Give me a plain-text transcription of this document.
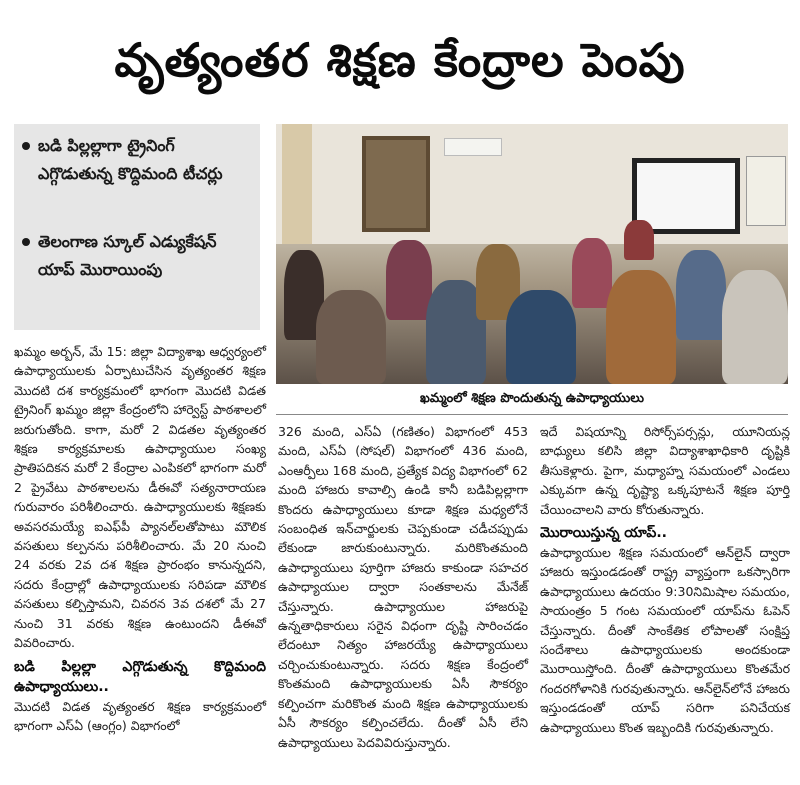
వృత్యంతర శిక్షణ కేంద్రాల పెంపు
బడి పిల్లల్లాగా ట్రైనింగ్ ఎగ్గొడుతున్న కొద్దిమంది టీచర్లు
తెలంగాణ స్కూల్ ఎడ్యుకేషన్ యాప్ మొరాయింపు
ఖమ్మంలో శిక్షణ పొందుతున్న ఉపాధ్యాయులు

ఖమ్మం అర్బన్, మే 15: జిల్లా విద్యాశాఖ ఆధ్వర్యంలో ఉపాధ్యాయులకు ఏర్పాటుచేసిన వృత్యంతర శిక్షణ మొదటి దశ కార్యక్రమంలో భాగంగా మొదటి విడత ట్రైనింగ్ ఖమ్మం జిల్లా కేంద్రంలోని హార్వెస్ట్ పాఠశాలలో జరుగుతోంది. కాగా, మరో 2 విడతల వృత్యంతర శిక్షణ కార్యక్రమాలకు ఉపాధ్యాయుల సంఖ్య ప్రాతిపదికన మరో 2 కేంద్రాల ఎంపికలో భాగంగా మరో 2 ప్రైవేటు పాఠశాలలను డీఈవో సత్యనారాయణ గురువారం పరిశీలించారు. ఉపాధ్యాయులకు శిక్షణకు అవసరమయ్యే ఐఎఫ్‌పీ ప్యానల్‌లతోపాటు మౌలిక వసతులు కల్పనను పరిశీలించారు. మే 20 నుంచి 24 వరకు 2వ దశ శిక్షణ ప్రారంభం కానున్నదని, సదరు కేంద్రాల్లో ఉపాధ్యాయులకు సరిపడా మౌలిక వసతులు కల్పిస్తామని, చివరన 3వ దశలో మే 27 నుంచి 31 వరకు శిక్షణ ఉంటుందని డీఈవో వివరించారు.

బడి పిల్లల్లా ఎగ్గొడుతున్న కొద్దిమంది ఉపాధ్యాయులు..

మొదటి విడత వృత్యంతర శిక్షణ కార్యక్రమంలో భాగంగా ఎస్ఏ (ఆంగ్లం) విభాగంలో

326 మంది, ఎస్ఏ (గణితం) విభాగంలో 453 మంది, ఎస్ఏ (సోషల్) విభాగంలో 436 మంది, ఎంఆర్పీలు 168 మంది, ప్రత్యేక విద్య విభాగంలో 62 మంది హాజరు కావాల్సి ఉండి కానీ బడిపిల్లల్లాగా కొందరు ఉపాధ్యాయులు కూడా శిక్షణ మధ్యలోనే సంబంధిత ఇన్‌చార్జులకు చెప్పకుండా చడీచప్పుడు లేకుండా జారుకుంటున్నారు. మరికొంతమంది ఉపాధ్యాయులు పూర్తిగా హాజరు కాకుండా సహచర ఉపాధ్యాయుల ద్వారా సంతకాలను మేనేజ్ చేస్తున్నారు. ఉపాధ్యాయుల హాజరుపై ఉన్నతాధికారులు సరైన విధంగా దృష్టి సారించడం లేదంటూ నిత్యం హాజరయ్యే ఉపాధ్యాయులు చర్చించుకుంటున్నారు. సదరు శిక్షణ కేంద్రంలో కొంతమంది ఉపాధ్యాయులకు ఏసీ సౌకర్యం కల్పించగా మరికొంత మంది శిక్షణ ఉపాధ్యాయులకు ఏసీ సౌకర్యం కల్పించలేదు. దీంతో ఏసీ లేని ఉపాధ్యాయులు పెదవివిరుస్తున్నారు.

ఇదే విషయాన్ని రిసోర్స్‌పర్సన్లు, యూనియన్ల బాధ్యులు కలిసి జిల్లా విద్యాశాఖాధికారి దృష్టికి తీసుకెళ్లారు. పైగా, మధ్యాహ్న సమయంలో ఎండలు ఎక్కువగా ఉన్న దృష్ట్యా ఒక్కపూటనే శిక్షణ పూర్తి చేయించాలని వారు కోరుతున్నారు.

మొరాయిస్తున్న యాప్..

ఉపాధ్యాయుల శిక్షణ సమయంలో ఆన్‌లైన్ ద్వారా హాజరు ఇస్తుండడంతో రాష్ట్ర వ్యాప్తంగా ఒకస్సారిగా ఉపాధ్యాయులు ఉదయం 9:30నిమిషాల సమయం, సాయంత్రం 5 గంట సమయంలో యాప్‌ను ఓపెన్ చేస్తున్నారు. దీంతో సాంకేతిక లోపాలతో సంక్షిప్త సందేశాలు ఉపాధ్యాయులకు అందకుండా మొరాయిస్తోంది. దీంతో ఉపాధ్యాయులు కొంతమేర గందరగోళానికి గురవుతున్నారు. ఆన్‌లైన్‌లోనే హాజరు ఇస్తుండడంతో యాప్ సరిగా పనిచేయక ఉపాధ్యాయులు కొంత ఇబ్బందికి గురవుతున్నారు.
